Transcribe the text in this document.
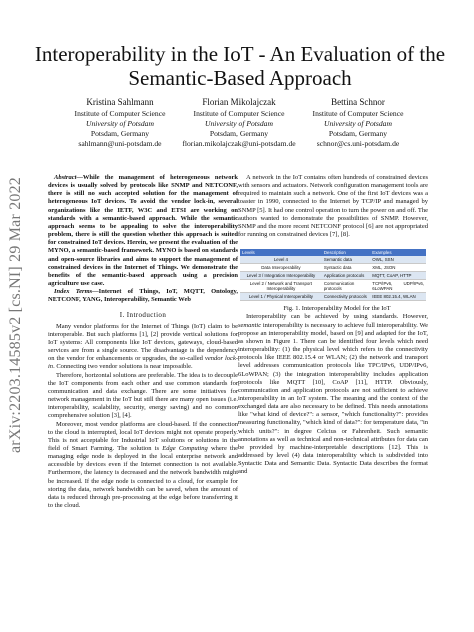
arXiv:2203.14585v2 [cs.NI] 29 Mar 2022
Interoperability in the IoT - An Evaluation of the
Semantic-Based Approach
Kristina Sahlmann
Institute of Computer Science
University of Potsdam
Potsdam, Germany
sahlmann@uni-potsdam.de
Florian Mikolajczak
Institute of Computer Science
University of Potsdam
Potsdam, Germany
florian.mikolajczak@uni-potsdam.de
Bettina Schnor
Institute of Computer Science
University of Potsdam
Potsdam, Germany
schnor@cs.uni-potsdam.de

Abstract—While the management of heterogeneous network devices is usually solved by protocols like SNMP and NETCONF, there is still no such accepted solution for the management of heterogeneous IoT devices. To avoid the vendor lock-in, several organizations like the IETF, W3C and ETSI are working on standards with a semantic-based approach. While the semantic approach seems to be appealing to solve the interoperability problem, there is still the question whether this approach is suited for constrained IoT devices. Herein, we present the evaluation of the MYNO, a semantic-based framework. MYNO is based on standards and open-source libraries and aims to support the management of constrained devices in the Internet of Things. We demonstrate the benefits of the semantic-based approach using a precision agriculture use case.

Index Terms—Internet of Things, IoT, MQTT, Ontology, NETCONF, YANG, Interoperability, Semantic Web

I. Introduction

Many vendor platforms for the Internet of Things (IoT) claim to be interoperable. But such platforms [1], [2] provide vertical solutions for IoT systems: All components like IoT devices, gateways, cloud-based services are from a single source. The disadvantage is the dependency on the vendor for enhancements or upgrades, the so-called vendor lock-in. Connecting two vendor solutions is near impossible.

Therefore, horizontal solutions are preferable. The idea is to decouple the IoT components from each other and use common standards for communication and data exchange. There are some initiatives for network management in the IoT but still there are many open issues (i.e. interoperability, scalability, security, energy saving) and no common comprehensive solution [3], [4].

Moreover, most vendor platforms are cloud-based. If the connection to the cloud is interrupted, local IoT devices might not operate properly. This is not acceptable for Industrial IoT solutions or solutions in the field of Smart Farming. The solution is Edge Computing where the managing edge node is deployed in the local enterprise network and accessible by devices even if the Internet connection is not available. Furthermore, the latency is decreased and the network bandwidth might be increased. If the edge node is connected to a cloud, for example for storing the data, network bandwidth can be saved, when the amount of data is reduced through pre-processing at the edge before transferring it to the cloud.

A network in the IoT contains often hundreds of constrained devices with sensors and actuators. Network configuration management tools are required to maintain such a network. One of the first IoT devices was a toaster in 1990, connected to the Internet by TCP/IP and managed by SNMP [5]. It had one control operation to turn the power on and off. The authors wanted to demonstrate the possibilities of SNMP. However, SNMP and the more recent NETCONF protocol [6] are not appropriated for running on constrained devices [7], [8].

Levels	Description	Examples
Level 4	Semantic data	OWL, SSN
Data Interoperability	Syntactic data	XML, JSON
Level 3 / Integration Interoperability	Application protocols	MQTT, CoAP, HTTP
Level 2 / Network and Transport Interoperability	Communication protocols	TCP/IPv6, UDP/IPv6, 6LoWPAN
Level 1 / Physical Interoperability	Connectivity protocols	IEEE 802.15.4, WLAN

Fig. 1. Interoperability Model for the IoT

Interoperability can be achieved by using standards. However, semantic interoperability is necessary to achieve full interoperability. We propose an interoperability model, based on [9] and adapted for the IoT, as shown in Figure 1. There can be identified four levels which need interoperability: (1) the physical level which refers to the connectivity protocols like IEEE 802.15.4 or WLAN; (2) the network and transport level addresses communication protocols like TPC/IPv6, UDP/IPv6, 6LoWPAN; (3) the integration interoperability includes application protocols like MQTT [10], CoAP [11], HTTP. Obviously, communication and application protocols are not sufficient to achieve interoperability in an IoT system. The meaning and the context of the exchanged data are also necessary to be defined. This needs annotations like "what kind of device?": a sensor, "which functionality?": provides measuring functionality, "which kind of data?": for temperature data, "in which units?": in degree Celcius or Fahrenheit. Such semantic annotations as well as technical and non-technical attributes for data can be provided by machine-interpretable descriptions [12]. This is addressed by level (4) data interoperability which is subdivided into Syntactic Data and Semantic Data. Syntactic Data describes the format and
